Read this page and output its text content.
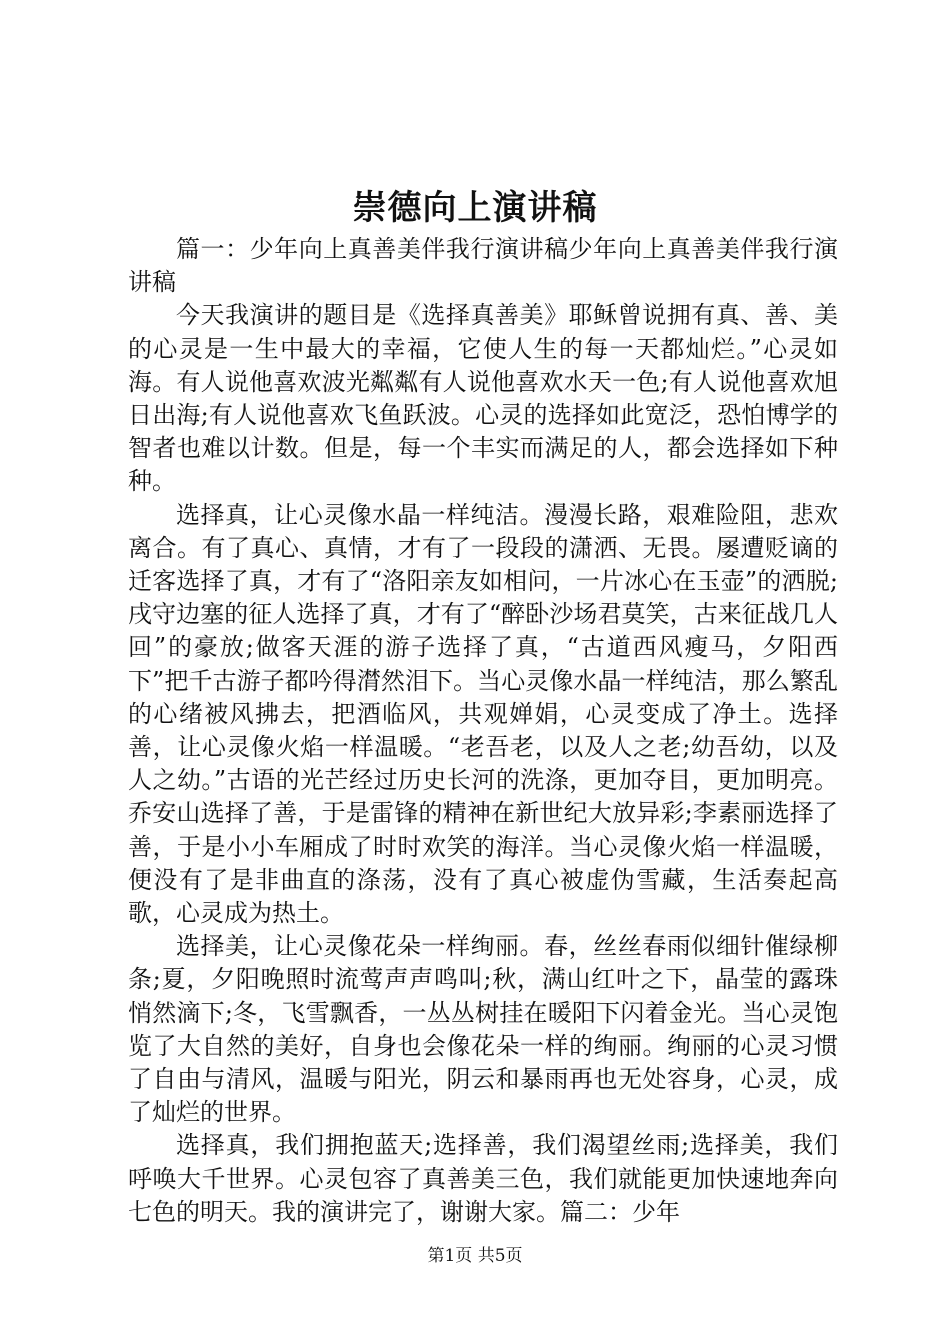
崇德向上演讲稿

篇一：少年向上真善美伴我行演讲稿少年向上真善美伴我行演讲稿

今天我演讲的题目是《选择真善美》耶稣曾说拥有真、善、美的心灵是一生中最大的幸福，它使人生的每一天都灿烂。”心灵如海。有人说他喜欢波光粼粼有人说他喜欢水天一色;有人说他喜欢旭日出海;有人说他喜欢飞鱼跃波。心灵的选择如此宽泛，恐怕博学的智者也难以计数。但是，每一个丰实而满足的人，都会选择如下种种。

选择真，让心灵像水晶一样纯洁。漫漫长路，艰难险阻，悲欢离合。有了真心、真情，才有了一段段的潇洒、无畏。屡遭贬谪的迁客选择了真，才有了“洛阳亲友如相问，一片冰心在玉壶”的洒脱;戌守边塞的征人选择了真，才有了“醉卧沙场君莫笑，古来征战几人回”的豪放;做客天涯的游子选择了真，“古道西风瘦马，夕阳西下”把千古游子都吟得潸然泪下。当心灵像水晶一样纯洁，那么繁乱的心绪被风拂去，把酒临风，共观婵娟，心灵变成了净土。选择善，让心灵像火焰一样温暖。“老吾老，以及人之老;幼吾幼，以及人之幼。”古语的光芒经过历史长河的洗涤，更加夺目，更加明亮。乔安山选择了善，于是雷锋的精神在新世纪大放异彩;李素丽选择了善，于是小小车厢成了时时欢笑的海洋。当心灵像火焰一样温暖，便没有了是非曲直的涤荡，没有了真心被虚伪雪藏，生活奏起高歌，心灵成为热土。

选择美，让心灵像花朵一样绚丽。春，丝丝春雨似细针催绿柳条;夏，夕阳晚照时流莺声声鸣叫;秋，满山红叶之下，晶莹的露珠悄然滴下;冬，飞雪飘香，一丛丛树挂在暖阳下闪着金光。当心灵饱览了大自然的美好，自身也会像花朵一样的绚丽。绚丽的心灵习惯了自由与清风，温暖与阳光，阴云和暴雨再也无处容身，心灵，成了灿烂的世界。

选择真，我们拥抱蓝天;选择善，我们渴望丝雨;选择美，我们呼唤大千世界。心灵包容了真善美三色，我们就能更加快速地奔向七色的明天。我的演讲完了，谢谢大家。篇二：少年

第1页 共5页
